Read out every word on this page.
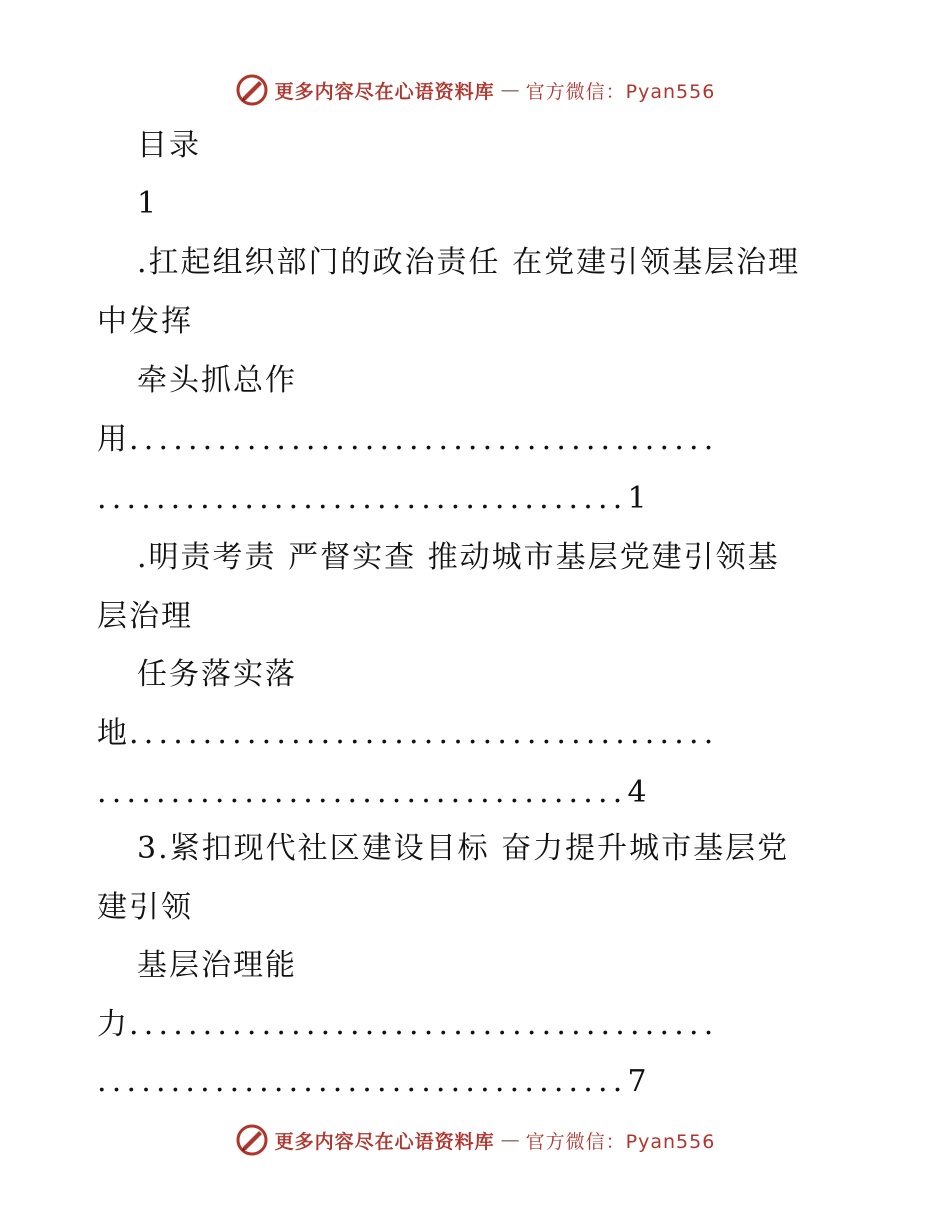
更多内容尽在心语资料库 — 官方微信：Pyan556
目录
1
.扛起组织部门的政治责任 在党建引领基层治理
中发挥
牵头抓总作
用........................................
....................................1
.明责考责 严督实查 推动城市基层党建引领基
层治理
任务落实落
地........................................
....................................4
3.紧扣现代社区建设目标 奋力提升城市基层党
建引领
基层治理能
力........................................
....................................7
更多内容尽在心语资料库 — 官方微信：Pyan556
